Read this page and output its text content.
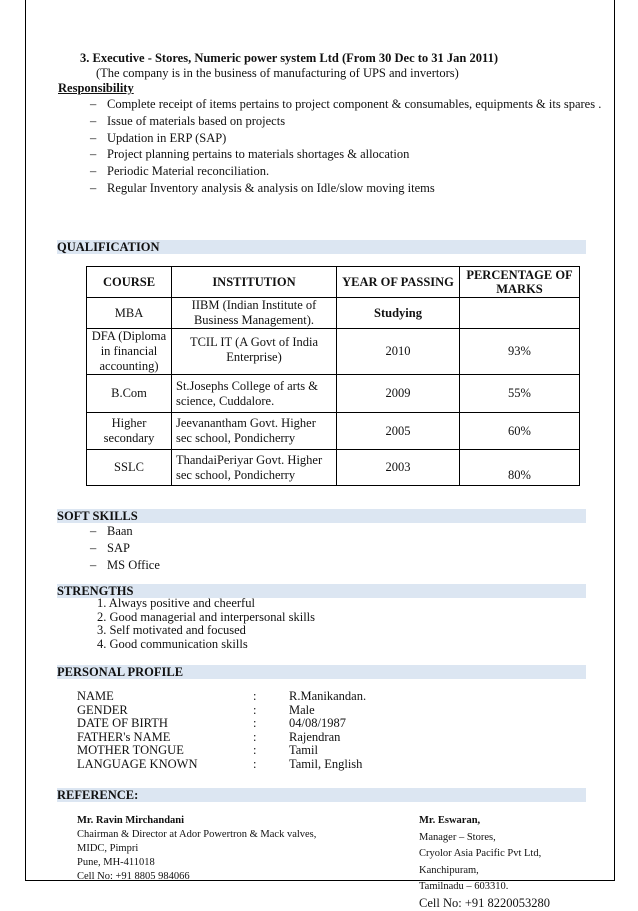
3. Executive - Stores, Numeric power system Ltd (From 30 Dec to 31 Jan 2011)
(The company is in the business of manufacturing of UPS and invertors)
Responsibility
– Complete receipt of items pertains to project component & consumables, equipments & its spares .
– Issue of materials based on projects
– Updation in ERP (SAP)
– Project planning pertains to materials shortages & allocation
– Periodic Material reconciliation.
– Regular Inventory analysis & analysis on Idle/slow moving items
QUALIFICATION
COURSE	INSTITUTION	YEAR OF PASSING	PERCENTAGE OF MARKS
MBA	IIBM (Indian Institute of Business Management).	Studying	
DFA (Diploma in financial accounting)	TCIL IT (A Govt of India Enterprise)	2010	93%
B.Com	St.Josephs College of arts & science, Cuddalore.	2009	55%
Higher secondary	Jeevanantham Govt. Higher sec school, Pondicherry	2005	60%
SSLC	ThandaiPeriyar Govt. Higher sec school, Pondicherry	2003	80%
SOFT SKILLS
– Baan
– SAP
– MS Office
STRENGTHS
1. Always positive and cheerful
2. Good managerial and interpersonal skills
3. Self motivated and focused
4. Good communication skills
PERSONAL PROFILE
NAME	:	R.Manikandan.
GENDER	:	Male
DATE OF BIRTH	:	04/08/1987
FATHER's NAME	:	Rajendran
MOTHER TONGUE	:	Tamil
LANGUAGE KNOWN	:	Tamil, English
REFERENCE:
Mr. Ravin Mirchandani
Chairman & Director at Ador Powertron & Mack valves,
MIDC, Pimpri
Pune, MH-411018
Cell No: +91 8805 984066
Mr. Eswaran,
Manager – Stores,
Cryolor Asia Pacific Pvt Ltd,
Kanchipuram,
Tamilnadu – 603310.
Cell No: +91 8220053280
